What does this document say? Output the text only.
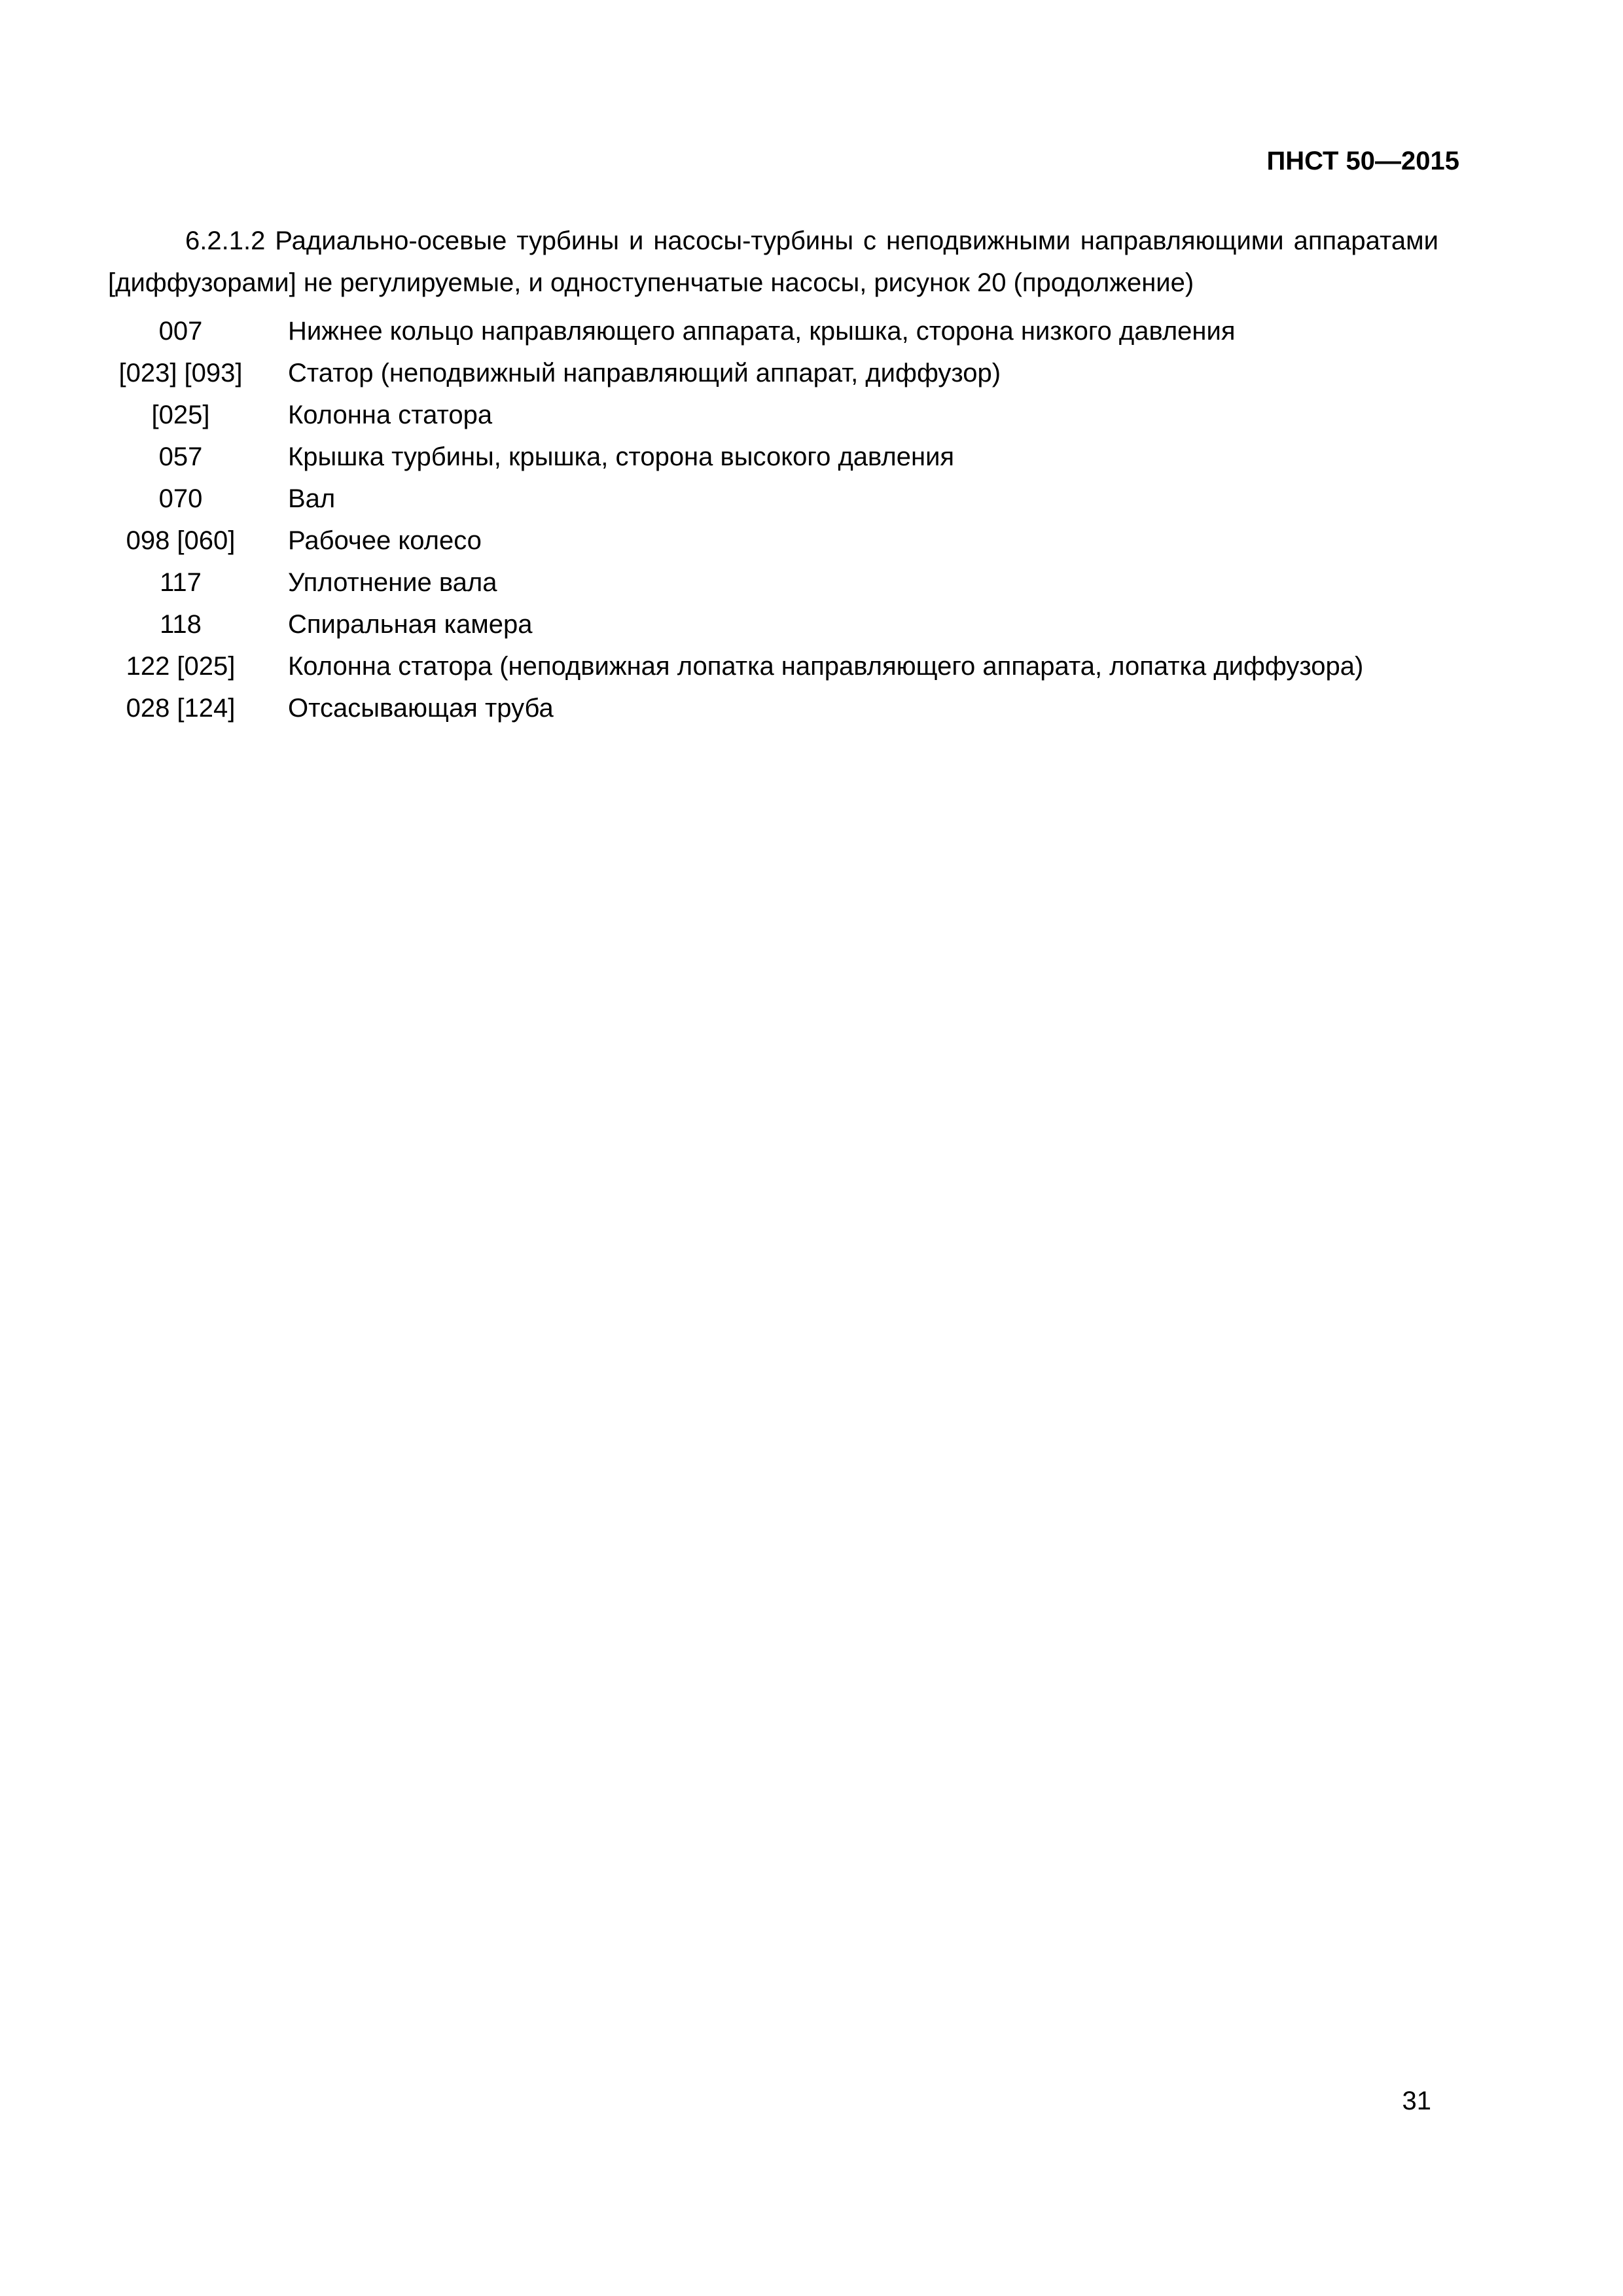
ПНСТ 50—2015

6.2.1.2 Радиально-осевые турбины и насосы-турбины с неподвижными направляющими аппаратами [диффузорами] не регулируемые, и одноступенчатые насосы, рисунок 20 (продолжение)

007	Нижнее кольцо направляющего аппарата, крышка, сторона низкого давления
[023] [093]	Статор (неподвижный направляющий аппарат, диффузор)
[025]	Колонна статора
057	Крышка турбины, крышка, сторона высокого давления
070	Вал
098 [060]	Рабочее колесо
117	Уплотнение вала
118	Спиральная камера
122 [025]	Колонна статора (неподвижная лопатка направляющего аппарата, лопатка диффузора)
028 [124]	Отсасывающая труба
31
